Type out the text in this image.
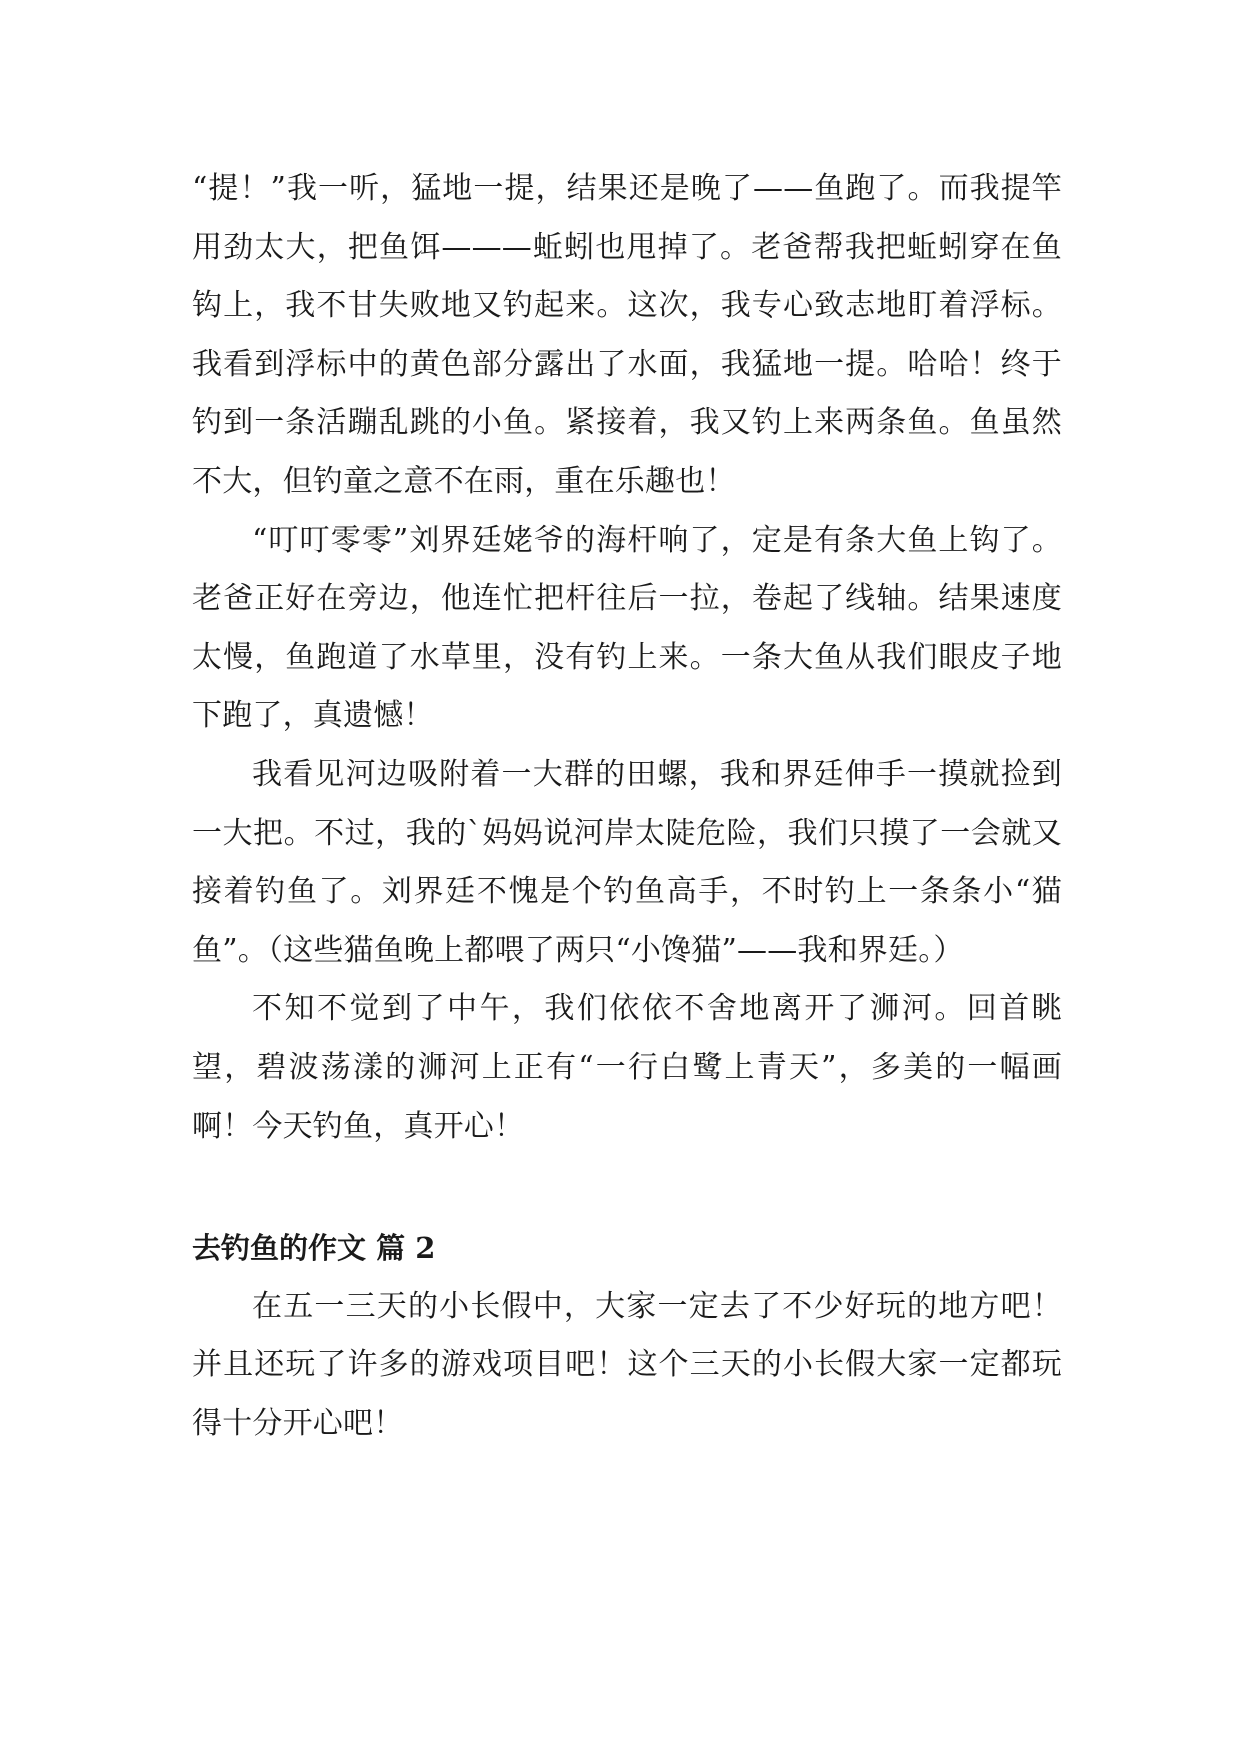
“提！”我一听，猛地一提，结果还是晚了——鱼跑了。而我提竿用劲太大，把鱼饵———蚯蚓也甩掉了。老爸帮我把蚯蚓穿在鱼钩上，我不甘失败地又钓起来。这次，我专心致志地盯着浮标。我看到浮标中的黄色部分露出了水面，我猛地一提。哈哈！终于钓到一条活蹦乱跳的小鱼。紧接着，我又钓上来两条鱼。鱼虽然不大，但钓童之意不在雨，重在乐趣也！

“叮叮零零”刘界廷姥爷的海杆响了，定是有条大鱼上钩了。老爸正好在旁边，他连忙把杆往后一拉，卷起了线轴。结果速度太慢，鱼跑道了水草里，没有钓上来。一条大鱼从我们眼皮子地下跑了，真遗憾！

我看见河边吸附着一大群的田螺，我和界廷伸手一摸就捡到一大把。不过，我的`妈妈说河岸太陡危险，我们只摸了一会就又接着钓鱼了。刘界廷不愧是个钓鱼高手，不时钓上一条条小“猫鱼”。（这些猫鱼晚上都喂了两只“小馋猫”——我和界廷。）

不知不觉到了中午，我们依依不舍地离开了浉河。回首眺望，碧波荡漾的浉河上正有“一行白鹭上青天”，多美的一幅画啊！今天钓鱼，真开心！

去钓鱼的作文 篇 2

在五一三天的小长假中，大家一定去了不少好玩的地方吧！并且还玩了许多的游戏项目吧！这个三天的小长假大家一定都玩得十分开心吧！
